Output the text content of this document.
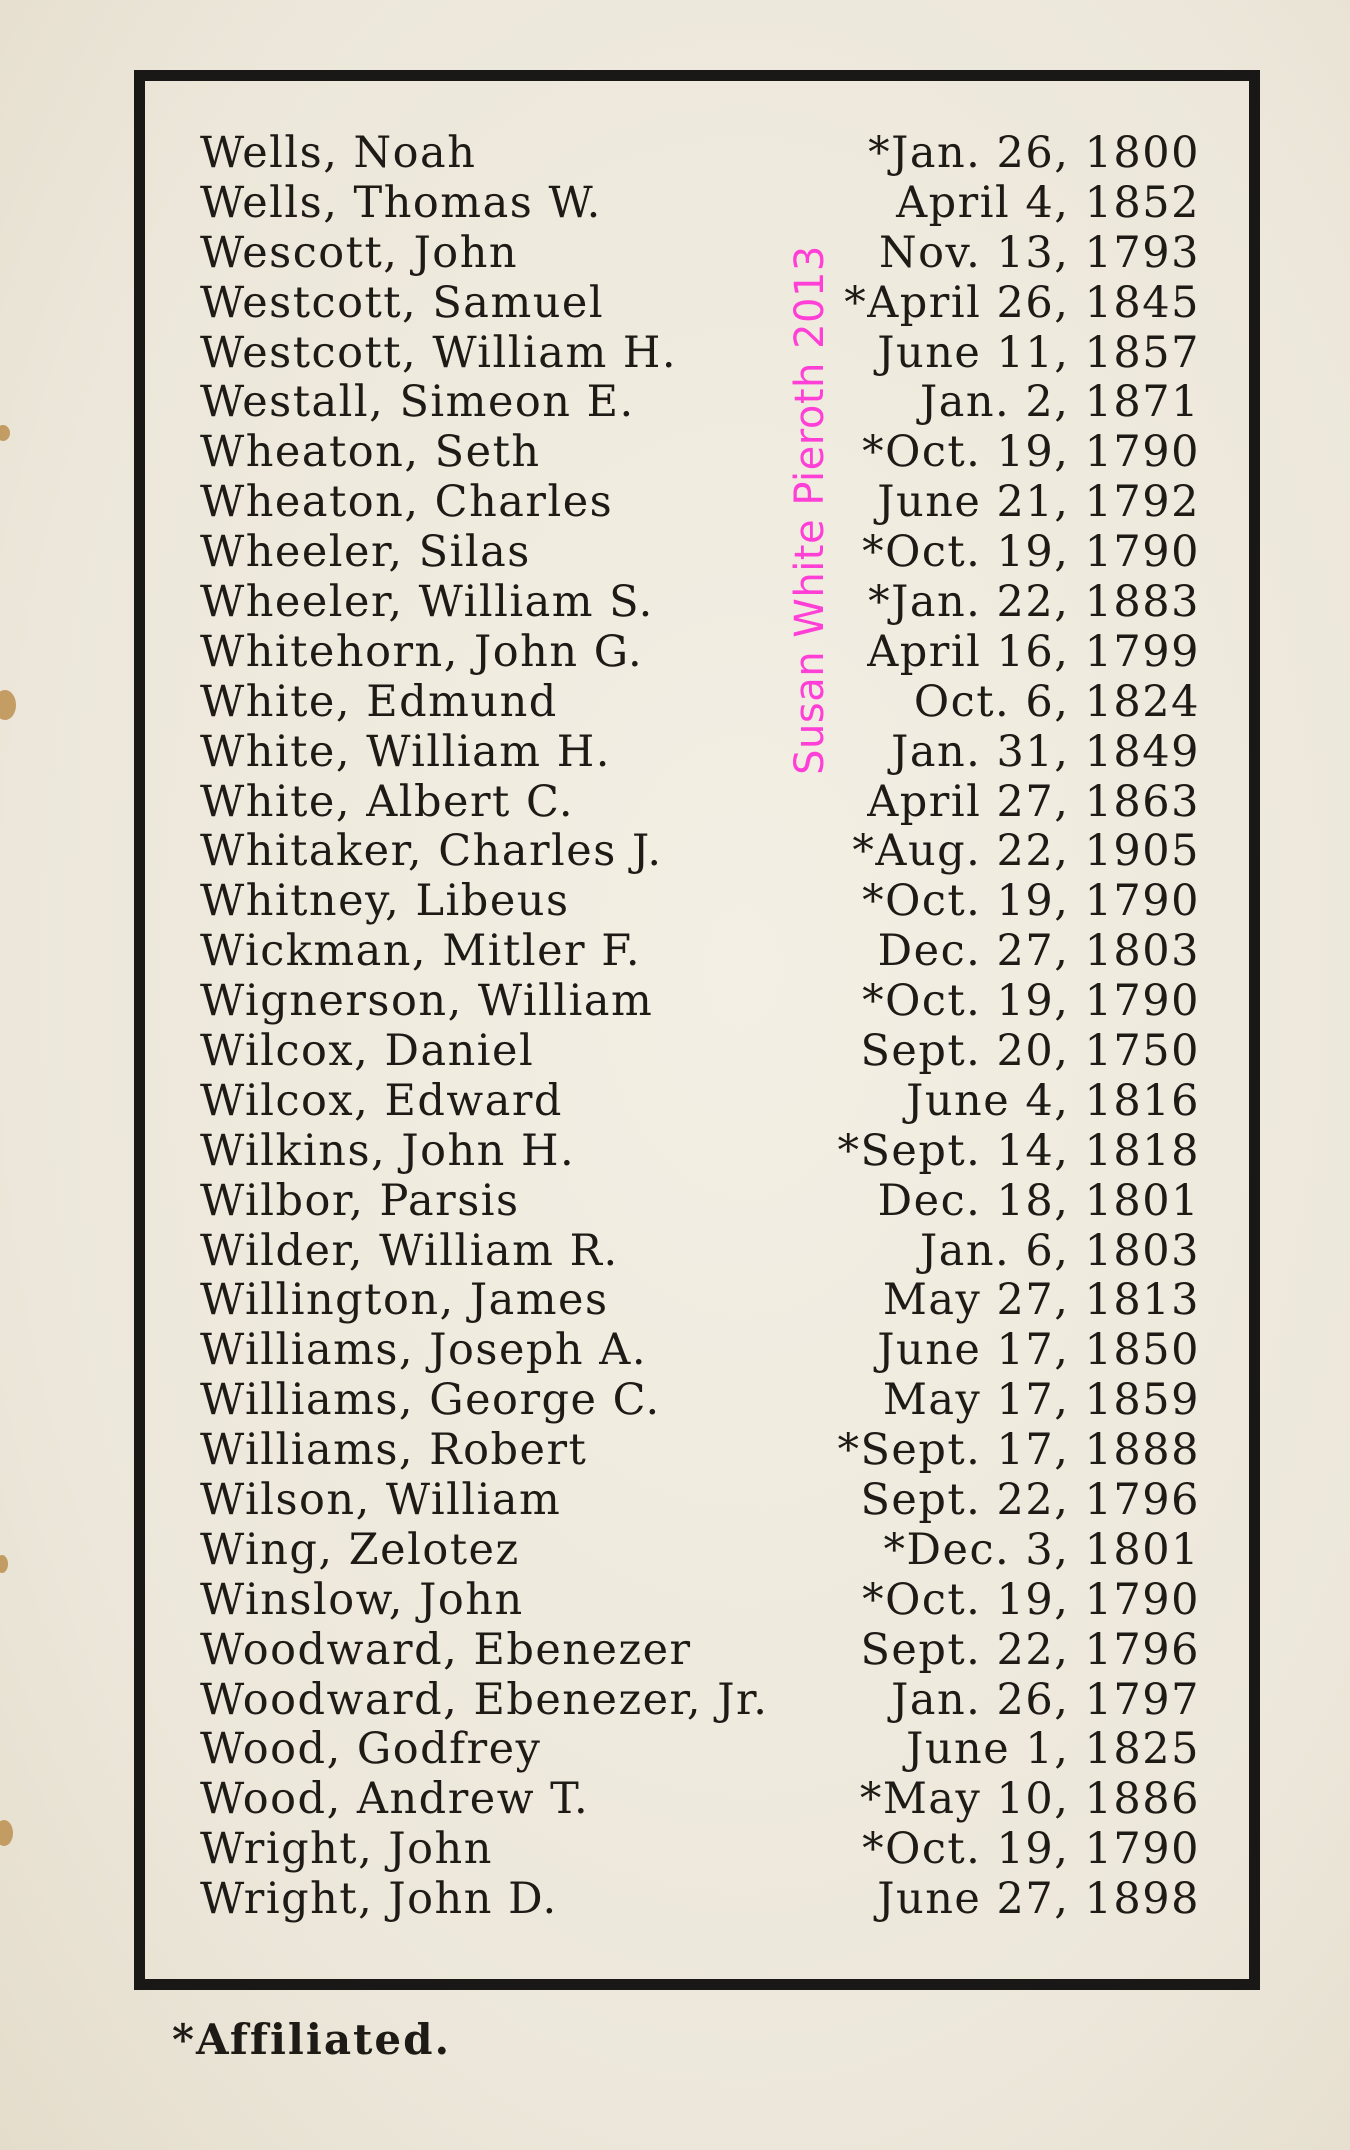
Wells, Noah	*Jan. 26, 1800
Wells, Thomas W.	April 4, 1852
Wescott, John	Nov. 13, 1793
Westcott, Samuel	*April 26, 1845
Westcott, William H.	June 11, 1857
Westall, Simeon E.	Jan. 2, 1871
Wheaton, Seth	*Oct. 19, 1790
Wheaton, Charles	June 21, 1792
Wheeler, Silas	*Oct. 19, 1790
Wheeler, William S.	*Jan. 22, 1883
Whitehorn, John G.	April 16, 1799
White, Edmund	Oct. 6, 1824
White, William H.	Jan. 31, 1849
White, Albert C.	April 27, 1863
Whitaker, Charles J.	*Aug. 22, 1905
Whitney, Libeus	*Oct. 19, 1790
Wickman, Mitler F.	Dec. 27, 1803
Wignerson, William	*Oct. 19, 1790
Wilcox, Daniel	Sept. 20, 1750
Wilcox, Edward	June 4, 1816
Wilkins, John H.	*Sept. 14, 1818
Wilbor, Parsis	Dec. 18, 1801
Wilder, William R.	Jan. 6, 1803
Willington, James	May 27, 1813
Williams, Joseph A.	June 17, 1850
Williams, George C.	May 17, 1859
Williams, Robert	*Sept. 17, 1888
Wilson, William	Sept. 22, 1796
Wing, Zelotez	*Dec. 3, 1801
Winslow, John	*Oct. 19, 1790
Woodward, Ebenezer	Sept. 22, 1796
Woodward, Ebenezer, Jr.	Jan. 26, 1797
Wood, Godfrey	June 1, 1825
Wood, Andrew T.	*May 10, 1886
Wright, John	*Oct. 19, 1790
Wright, John D.	June 27, 1898
Susan White Pieroth 2013
*Affiliated.
